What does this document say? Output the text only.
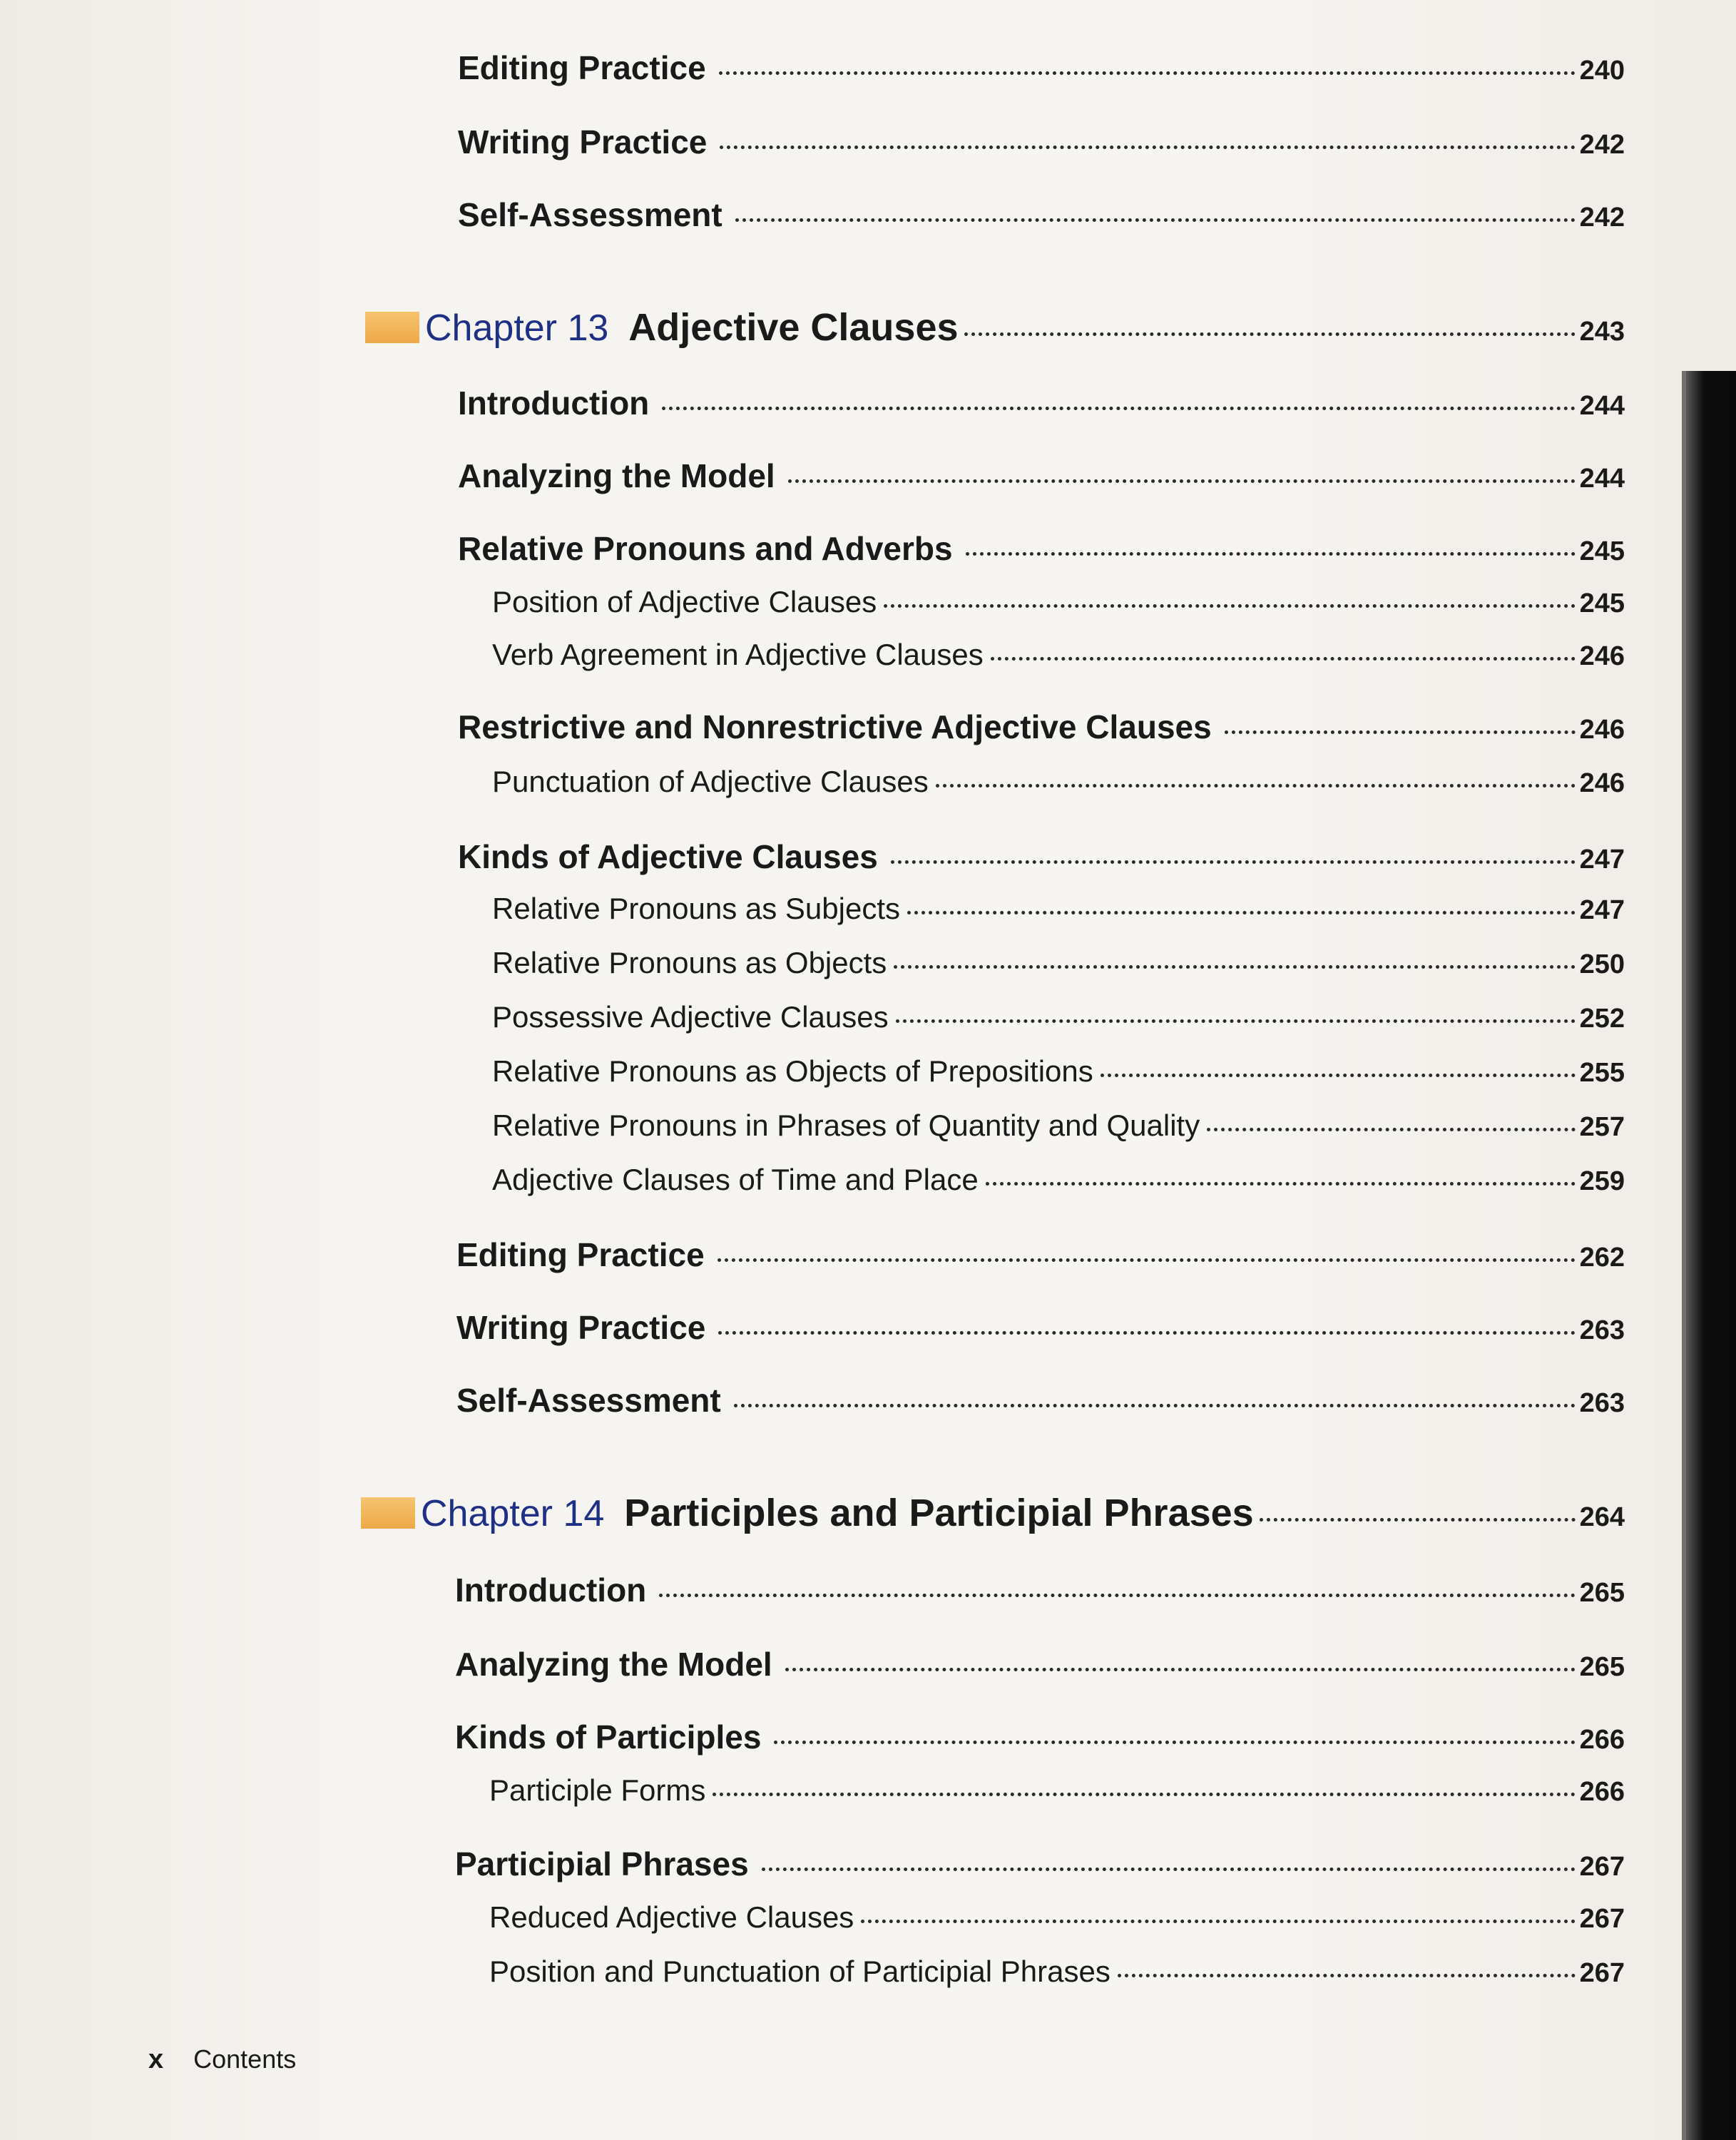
Editing Practice	240
Writing Practice	242
Self-Assessment	242
Chapter 13 Adjective Clauses	243
Introduction	244
Analyzing the Model	244
Relative Pronouns and Adverbs	245
Position of Adjective Clauses	245
Verb Agreement in Adjective Clauses	246
Restrictive and Nonrestrictive Adjective Clauses	246
Punctuation of Adjective Clauses	246
Kinds of Adjective Clauses	247
Relative Pronouns as Subjects	247
Relative Pronouns as Objects	250
Possessive Adjective Clauses	252
Relative Pronouns as Objects of Prepositions	255
Relative Pronouns in Phrases of Quantity and Quality	257
Adjective Clauses of Time and Place	259
Editing Practice	262
Writing Practice	263
Self-Assessment	263
Chapter 14 Participles and Participial Phrases	264
Introduction	265
Analyzing the Model	265
Kinds of Participles	266
Participle Forms	266
Participial Phrases	267
Reduced Adjective Clauses	267
Position and Punctuation of Participial Phrases	267
x Contents
